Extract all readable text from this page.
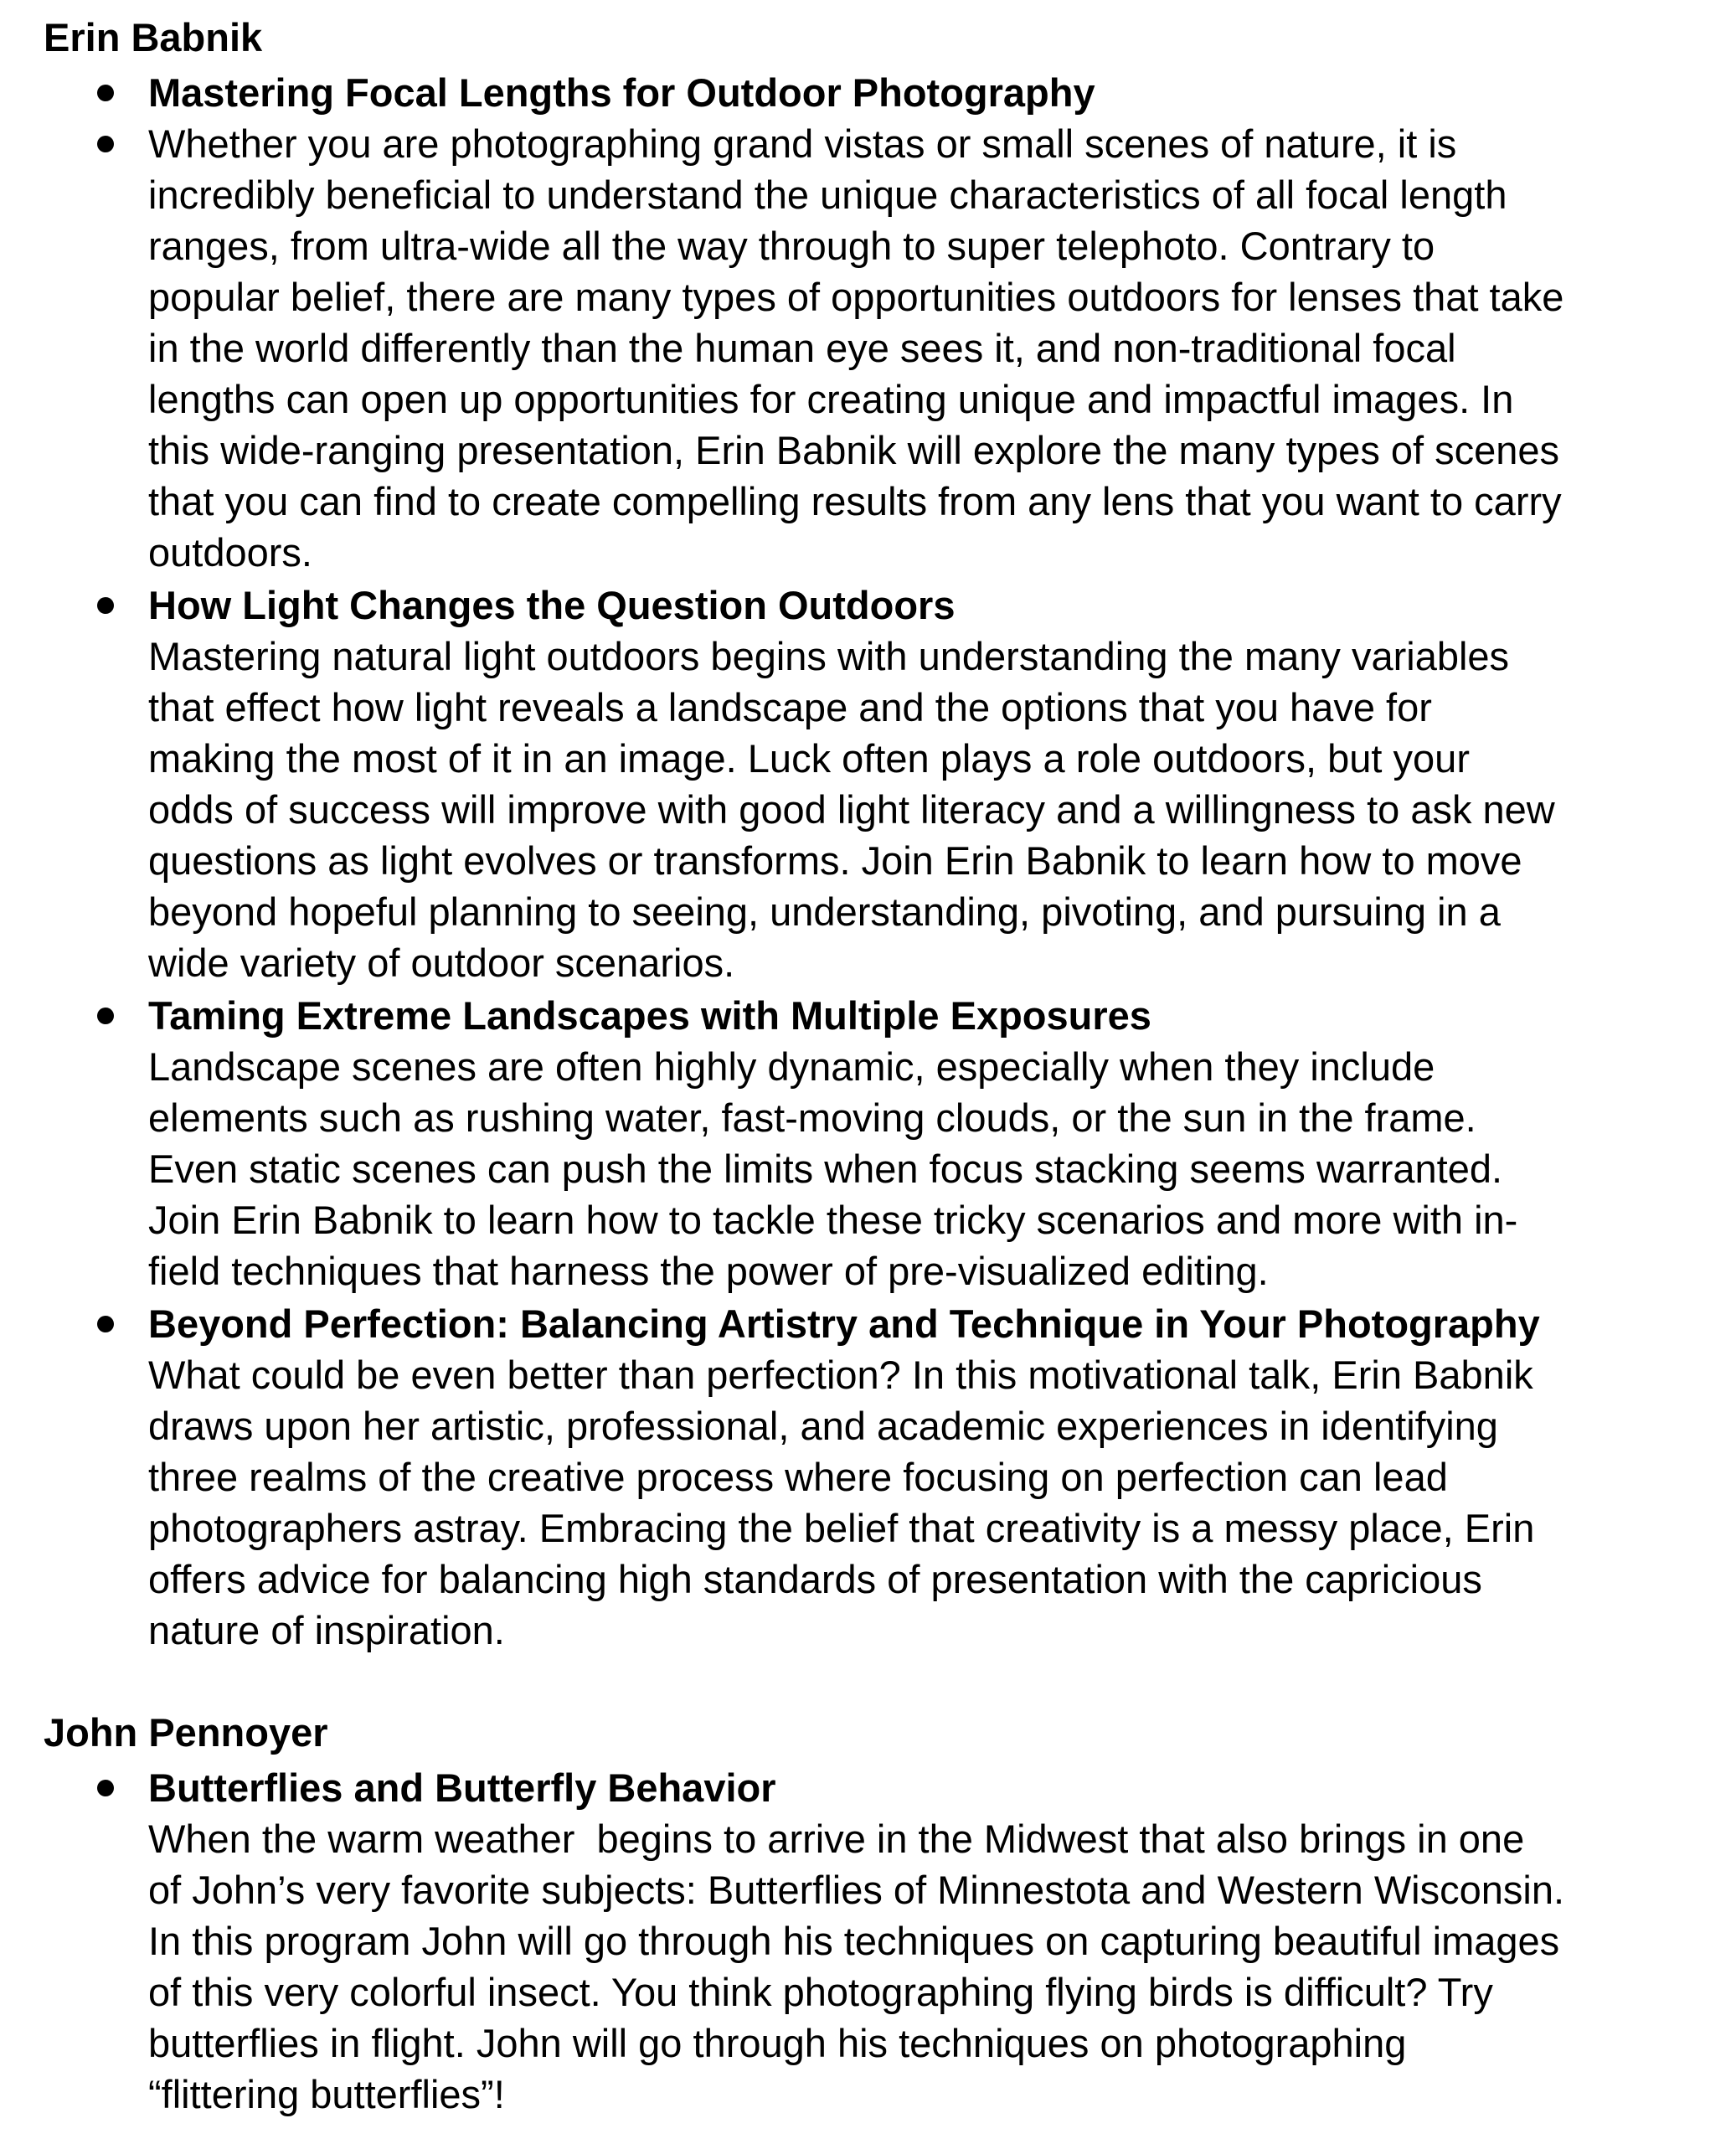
Erin Babnik
Mastering Focal Lengths for Outdoor Photography
Whether you are photographing grand vistas or small scenes of nature, it is
incredibly beneficial to understand the unique characteristics of all focal length
ranges, from ultra-wide all the way through to super telephoto. Contrary to
popular belief, there are many types of opportunities outdoors for lenses that take
in the world differently than the human eye sees it, and non-traditional focal
lengths can open up opportunities for creating unique and impactful images. In
this wide-ranging presentation, Erin Babnik will explore the many types of scenes
that you can find to create compelling results from any lens that you want to carry
outdoors.
How Light Changes the Question Outdoors
Mastering natural light outdoors begins with understanding the many variables
that effect how light reveals a landscape and the options that you have for
making the most of it in an image. Luck often plays a role outdoors, but your
odds of success will improve with good light literacy and a willingness to ask new
questions as light evolves or transforms. Join Erin Babnik to learn how to move
beyond hopeful planning to seeing, understanding, pivoting, and pursuing in a
wide variety of outdoor scenarios.
Taming Extreme Landscapes with Multiple Exposures
Landscape scenes are often highly dynamic, especially when they include
elements such as rushing water, fast-moving clouds, or the sun in the frame.
Even static scenes can push the limits when focus stacking seems warranted.
Join Erin Babnik to learn how to tackle these tricky scenarios and more with in-
field techniques that harness the power of pre-visualized editing.
Beyond Perfection: Balancing Artistry and Technique in Your Photography
What could be even better than perfection? In this motivational talk, Erin Babnik
draws upon her artistic, professional, and academic experiences in identifying
three realms of the creative process where focusing on perfection can lead
photographers astray. Embracing the belief that creativity is a messy place, Erin
offers advice for balancing high standards of presentation with the capricious
nature of inspiration.
John Pennoyer
Butterflies and Butterfly Behavior
When the warm weather  begins to arrive in the Midwest that also brings in one
of John’s very favorite subjects: Butterflies of Minnestota and Western Wisconsin.
In this program John will go through his techniques on capturing beautiful images
of this very colorful insect. You think photographing flying birds is difficult? Try
butterflies in flight. John will go through his techniques on photographing
“flittering butterflies”!
